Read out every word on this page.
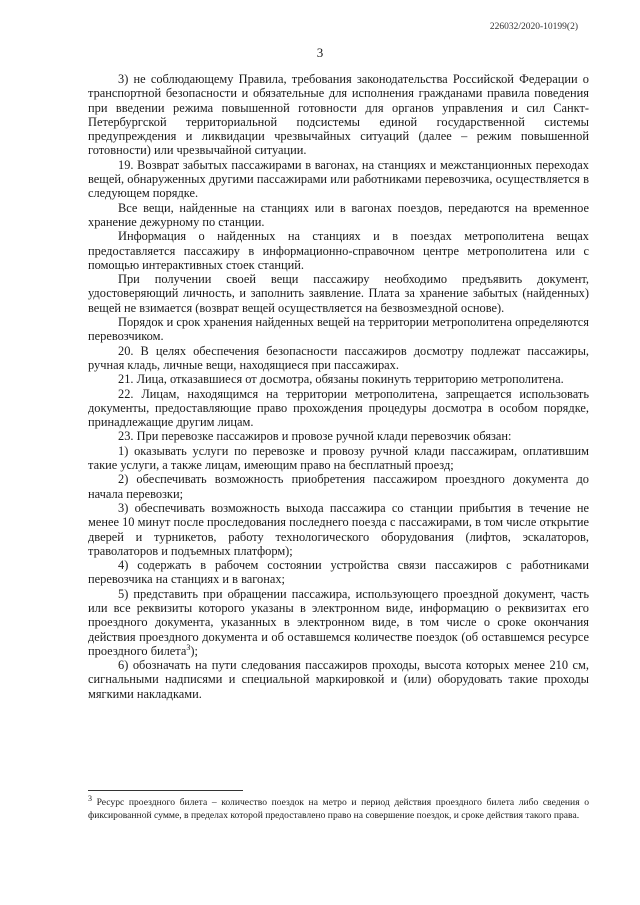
226032/2020-10199(2)
3

3) не соблюдающему Правила, требования законодательства Российской Федерации о транспортной безопасности и обязательные для исполнения гражданами правила поведения при введении режима повышенной готовности для органов управления и сил Санкт-Петербургской территориальной подсистемы единой государственной системы предупреждения и ликвидации чрезвычайных ситуаций (далее – режим повышенной готовности) или чрезвычайной ситуации.

19. Возврат забытых пассажирами в вагонах, на станциях и межстанционных переходах вещей, обнаруженных другими пассажирами или работниками перевозчика, осуществляется в следующем порядке.

Все вещи, найденные на станциях или в вагонах поездов, передаются на временное хранение дежурному по станции.

Информация о найденных на станциях и в поездах метрополитена вещах предоставляется пассажиру в информационно-справочном центре метрополитена или с помощью интерактивных стоек станций.

При получении своей вещи пассажиру необходимо предъявить документ, удостоверяющий личность, и заполнить заявление. Плата за хранение забытых (найденных) вещей не взимается (возврат вещей осуществляется на безвозмездной основе).

Порядок и срок хранения найденных вещей на территории метрополитена определяются перевозчиком.

20. В целях обеспечения безопасности пассажиров досмотру подлежат пассажиры, ручная кладь, личные вещи, находящиеся при пассажирах.

21. Лица, отказавшиеся от досмотра, обязаны покинуть территорию метрополитена.

22. Лицам, находящимся на территории метрополитена, запрещается использовать документы, предоставляющие право прохождения процедуры досмотра в особом порядке, принадлежащие другим лицам.

23. При перевозке пассажиров и провозе ручной клади перевозчик обязан:

1) оказывать услуги по перевозке и провозу ручной клади пассажирам, оплатившим такие услуги, а также лицам, имеющим право на бесплатный проезд;

2) обеспечивать возможность приобретения пассажиром проездного документа до начала перевозки;

3) обеспечивать возможность выхода пассажира со станции прибытия в течение не менее 10 минут после проследования последнего поезда с пассажирами, в том числе открытие дверей и турникетов, работу технологического оборудования (лифтов, эскалаторов, траволаторов и подъемных платформ);

4) содержать в рабочем состоянии устройства связи пассажиров с работниками перевозчика на станциях и в вагонах;

5) представить при обращении пассажира, использующего проездной документ, часть или все реквизиты которого указаны в электронном виде, информацию о реквизитах его проездного документа, указанных в электронном виде, в том числе о сроке окончания действия проездного документа и об оставшемся количестве поездок (об оставшемся ресурсе проездного билета$^3$);

6) обозначать на пути следования пассажиров проходы, высота которых менее 210 см, сигнальными надписями и специальной маркировкой и (или) оборудовать такие проходы мягкими накладками.

$^3$ Ресурс проездного билета – количество поездок на метро и период действия проездного билета либо сведения о фиксированной сумме, в пределах которой предоставлено право на совершение поездок, и сроке действия такого права.
